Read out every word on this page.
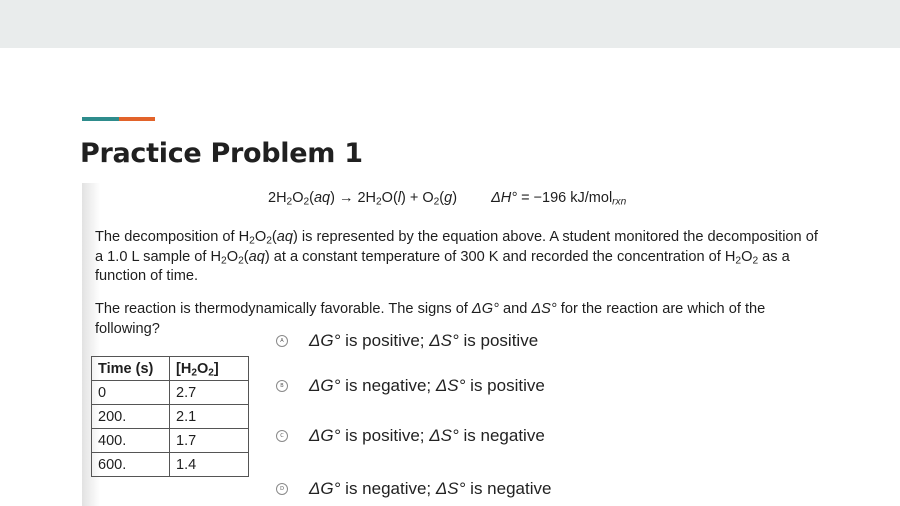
Practice Problem 1
$2H_2O_2(aq) \to 2H_2O(l) + O_2(g) \Delta H^\circ = -196$ kJ/mol$_{rxn}$
The decomposition of $H_2O_2(aq)$ is represented by the equation above. A student monitored the decomposition of a 1.0 L sample of $H_2O_2(aq)$ at a constant temperature of 300 K and recorded the concentration of $H_2O_2$ as a function of time.
The reaction is thermodynamically favorable. The signs of ΔG° and ΔS° for the reaction are which of the following?
Time (s)	$[H_2O_2]$
0	2.7
200.	2.1
400.	1.7
600.	1.4
A ΔG° is positive; ΔS° is positive
B ΔG° is negative; ΔS° is positive
C ΔG° is positive; ΔS° is negative
D ΔG° is negative; ΔS° is negative
